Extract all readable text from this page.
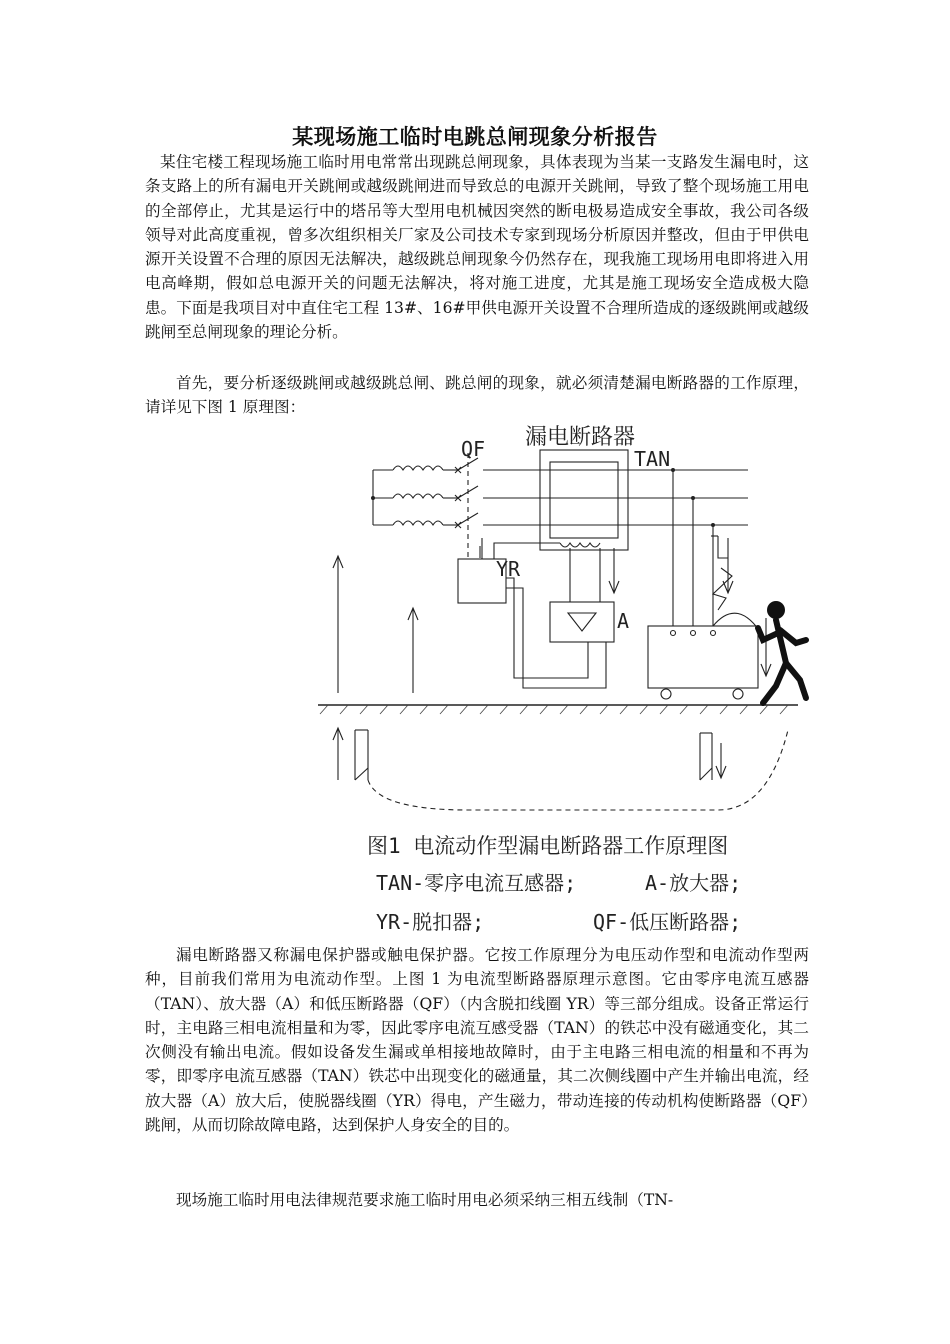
某现场施工临时电跳总闸现象分析报告

某住宅楼工程现场施工临时用电常常出现跳总闸现象，具体表现为当某一支路发生漏电时，这条支路上的所有漏电开关跳闸或越级跳闸进而导致总的电源开关跳闸，导致了整个现场施工用电的全部停止，尤其是运行中的塔吊等大型用电机械因突然的断电极易造成安全事故，我公司各级领导对此高度重视，曾多次组织相关厂家及公司技术专家到现场分析原因并整改，但由于甲供电源开关设置不合理的原因无法解决，越级跳总闸现象今仍然存在，现我施工现场用电即将进入用电高峰期，假如总电源开关的问题无法解决，将对施工进度，尤其是施工现场安全造成极大隐患。下面是我项目对中直住宅工程 13#、16#甲供电源开关设置不合理所造成的逐级跳闸或越级跳闸至总闸现象的理论分析。

首先，要分析逐级跳闸或越级跳总闸、跳总闸的现象，就必须清楚漏电断路器的工作原理，请详见下图 1 原理图：

漏电断路器
QF	TAN
YR
A
图1 电流动作型漏电断路器工作原理图
TAN-零序电流互感器;	A-放大器;
YR-脱扣器;	QF-低压断路器;

漏电断路器又称漏电保护器或触电保护器。它按工作原理分为电压动作型和电流动作型两种，目前我们常用为电流动作型。上图 1 为电流型断路器原理示意图。它由零序电流互感器（TAN）、放大器（A）和低压断路器（QF）（内含脱扣线圈 YR）等三部分组成。设备正常运行时，主电路三相电流相量和为零，因此零序电流互感受器（TAN）的铁芯中没有磁通变化，其二次侧没有输出电流。假如设备发生漏或单相接地故障时，由于主电路三相电流的相量和不再为零，即零序电流互感器（TAN）铁芯中出现变化的磁通量，其二次侧线圈中产生并输出电流，经放大器（A）放大后，使脱器线圈（YR）得电，产生磁力，带动连接的传动机构使断路器（QF）跳闸，从而切除故障电路，达到保护人身安全的目的。

现场施工临时用电法律规范要求施工临时用电必须采纳三相五线制（TN-
